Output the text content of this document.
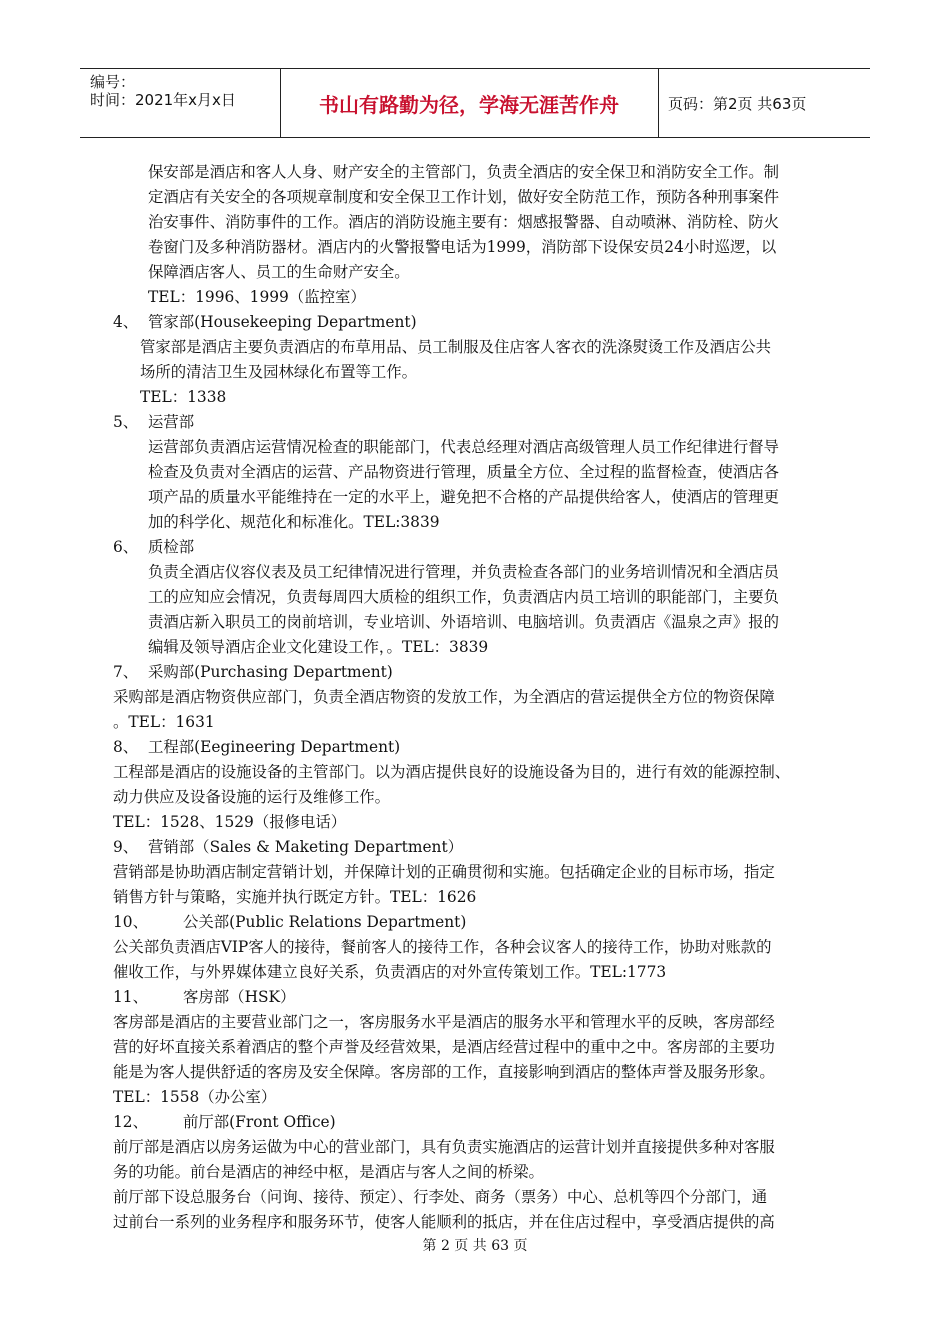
编号：
时间：2021年x月x日	书山有路勤为径，学海无涯苦作舟	页码：第2页 共63页
保安部是酒店和客人人身、财产安全的主管部门，负责全酒店的安全保卫和消防安全工作。制
定酒店有关安全的各项规章制度和安全保卫工作计划，做好安全防范工作，预防各种刑事案件
治安事件、消防事件的工作。酒店的消防设施主要有：烟感报警器、自动喷淋、消防栓、防火
卷窗门及多种消防器材。酒店内的火警报警电话为1999，消防部下设保安员24小时巡逻，以
保障酒店客人、员工的生命财产安全。
TEL：1996、1999（监控室）
4、 管家部(Housekeeping Department)
管家部是酒店主要负责酒店的布草用品、员工制服及住店客人客衣的洗涤熨烫工作及酒店公共
场所的清洁卫生及园林绿化布置等工作。
TEL：1338
5、 运营部
运营部负责酒店运营情况检查的职能部门，代表总经理对酒店高级管理人员工作纪律进行督导
检查及负责对全酒店的运营、产品物资进行管理，质量全方位、全过程的监督检查，使酒店各
项产品的质量水平能维持在一定的水平上，避免把不合格的产品提供给客人，使酒店的管理更
加的科学化、规范化和标准化。TEL:3839
6、 质检部
负责全酒店仪容仪表及员工纪律情况进行管理，并负责检查各部门的业务培训情况和全酒店员
工的应知应会情况，负责每周四大质检的组织工作，负责酒店内员工培训的职能部门，主要负
责酒店新入职员工的岗前培训，专业培训、外语培训、电脑培训。负责酒店《温泉之声》报的
编辑及领导酒店企业文化建设工作，。TEL：3839
7、 采购部(Purchasing Department)
采购部是酒店物资供应部门，负责全酒店物资的发放工作，为全酒店的营运提供全方位的物资保障
。TEL：1631
8、 工程部(Eegineering Department)
工程部是酒店的设施设备的主管部门。以为酒店提供良好的设施设备为目的，进行有效的能源控制、
动力供应及设备设施的运行及维修工作。
TEL：1528、1529（报修电话）
9、 营销部（Sales & Maketing Department）
营销部是协助酒店制定营销计划，并保障计划的正确贯彻和实施。包括确定企业的目标市场，指定
销售方针与策略，实施并执行既定方针。TEL：1626
10、 公关部(Public Relations Department)
公关部负责酒店VIP客人的接待，餐前客人的接待工作，各种会议客人的接待工作，协助对账款的
催收工作，与外界媒体建立良好关系，负责酒店的对外宣传策划工作。TEL:1773
11、 客房部（HSK）
客房部是酒店的主要营业部门之一，客房服务水平是酒店的服务水平和管理水平的反映，客房部经
营的好坏直接关系着酒店的整个声誉及经营效果，是酒店经营过程中的重中之中。客房部的主要功
能是为客人提供舒适的客房及安全保障。客房部的工作，直接影响到酒店的整体声誉及服务形象。
TEL：1558（办公室）
12、 前厅部(Front Office)
前厅部是酒店以房务运做为中心的营业部门，具有负责实施酒店的运营计划并直接提供多种对客服
务的功能。前台是酒店的神经中枢，是酒店与客人之间的桥梁。
前厅部下设总服务台（问询、接待、预定）、行李处、商务（票务）中心、总机等四个分部门，通
过前台一系列的业务程序和服务环节，使客人能顺利的抵店，并在住店过程中，享受酒店提供的高
第 2 页 共 63 页
